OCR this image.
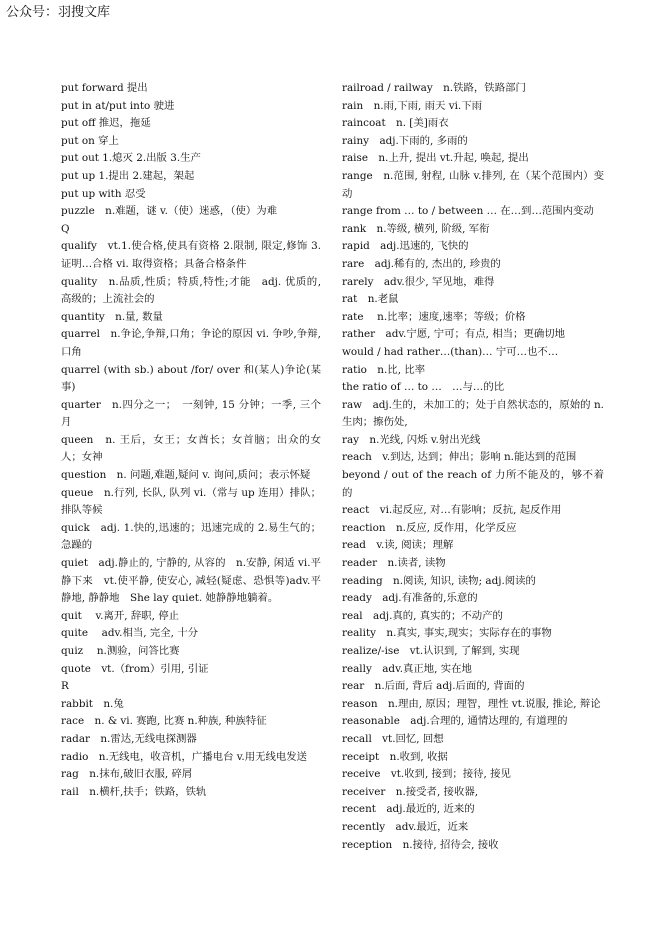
公众号：羽搜文库

put forward 提出

put in at/put into 驶进

put off 推迟，拖延

put on 穿上

put out 1.熄灭 2.出版 3.生产

put up 1.提出 2.建起，架起

put up with 忍受

puzzle　n.难题，谜 v.（使）迷惑，（使）为难

Q

qualify　vt.1.使合格,使具有资格 2.限制, 限定,修饰 3.证明…合格 vi. 取得资格；具备合格条件

quality　n.品质,性质；特质,特性;才能　adj. 优质的, 高级的；上流社会的

quantity　n.量, 数量

quarrel　n.争论,争辩,口角；争论的原因 vi. 争吵,争辩,口角

quarrel (with sb.) about /for/ over 和(某人)争论(某事)

quarter　n.四分之一；　一刻钟, 15 分钟；一季, 三个月

queen　n. 王后，女王；女酋长；女首脑；出众的女人；女神

question　n. 问题,难题,疑问 v. 询问,质问；表示怀疑

queue　n.行列, 长队, 队列 vi.（常与 up 连用）排队；排队等候

quick　adj. 1.快的,迅速的；迅速完成的 2.易生气的；急躁的

quiet　adj.静止的, 宁静的, 从容的　n.安静, 闲适 vi.平静下来　vt.使平静, 使安心, 减轻(疑虑、恐惧等)adv.平静地, 静静地　She lay quiet. 她静静地躺着。

quit　 v.离开, 辞职, 停止

quite　 adv.相当, 完全, 十分

quiz　 n.测验，问答比赛

quote　vt.（from）引用, 引证

R

rabbit　n.兔

race　n. & vi. 赛跑, 比赛 n.种族, 种族特征

radar　n.雷达,无线电探测器

radio　n.无线电，收音机，广播电台 v.用无线电发送

rag　n.抹布,破旧衣服, 碎屑

rail　n.横杆,扶手；铁路，铁轨

railroad / railway　n.铁路，铁路部门

rain　n.雨,下雨, 雨天 vi.下雨

raincoat　n. [美]雨衣

rainy　adj.下雨的, 多雨的

raise　n.上升, 提出 vt.升起, 唤起, 提出

range　n.范围, 射程, 山脉 v.排列, 在（某个范围内）变动

range from … to / between … 在…到…范围内变动

rank　n.等级, 横列, 阶级, 军衔

rapid　adj.迅速的, 飞快的

rare　adj.稀有的, 杰出的, 珍贵的

rarely　adv.很少, 罕见地，难得

rat　n.老鼠

rate　 n.比率；速度,速率；等级；价格

rather　adv.宁愿, 宁可；有点, 相当；更确切地

would / had rather…(than)… 宁可…也不…

ratio　n.比, 比率

the ratio of … to …　…与…的比

raw　adj.生的，未加工的；处于自然状态的，原始的 n.生肉；擦伤处,

ray　n.光线, 闪烁 v.射出光线

reach　v.到达, 达到；伸出；影响 n.能达到的范围

beyond / out of the reach of 力所不能及的，够不着的

react　vi.起反应, 对…有影响；反抗, 起反作用

reaction　n.反应, 反作用，化学反应

read　v.读, 阅读；理解

reader　n.读者, 读物

reading　n.阅读, 知识, 读物; adj.阅读的

ready　adj.有准备的,乐意的

real　adj.真的, 真实的；不动产的

reality　n.真实, 事实,现实；实际存在的事物

realize/-ise　vt.认识到, 了解到, 实现

really　adv.真正地, 实在地

rear　n.后面, 背后 adj.后面的, 背面的

reason　n.理由, 原因；理智，理性 vt.说服, 推论, 辩论

reasonable　adj.合理的, 通情达理的, 有道理的

recall　vt.回忆, 回想

receipt　n.收到, 收据

receive　vt.收到, 接到；接待, 接见

receiver　n.接受者, 接收器,

recent　adj.最近的, 近来的

recently　adv.最近，近来

reception　n.接待, 招待会, 接收
